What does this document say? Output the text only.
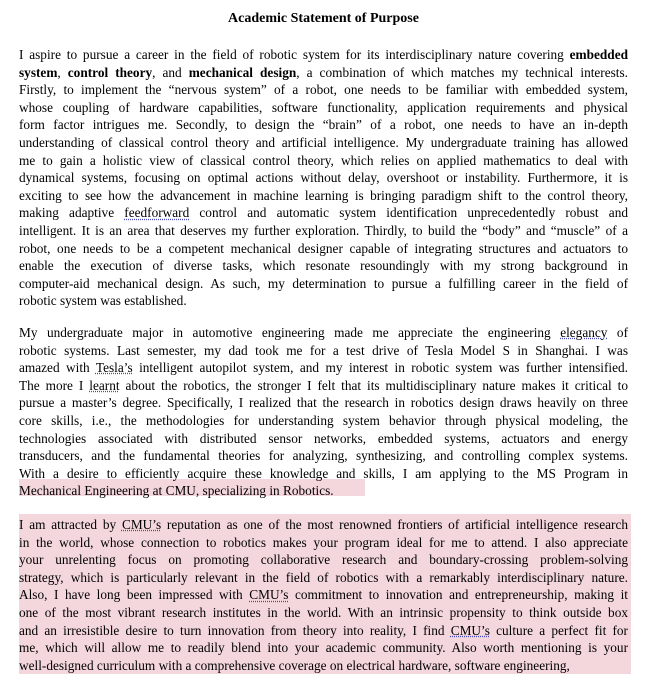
Academic Statement of Purpose
I aspire to pursue a career in the field of robotic system for its interdisciplinary nature covering embedded
system, control theory, and mechanical design, a combination of which matches my technical interests.
Firstly, to implement the “nervous system” of a robot, one needs to be familiar with embedded system,
whose coupling of hardware capabilities, software functionality, application requirements and physical
form factor intrigues me. Secondly, to design the “brain” of a robot, one needs to have an in-depth
understanding of classical control theory and artificial intelligence. My undergraduate training has allowed
me to gain a holistic view of classical control theory, which relies on applied mathematics to deal with
dynamical systems, focusing on optimal actions without delay, overshoot or instability. Furthermore, it is
exciting to see how the advancement in machine learning is bringing paradigm shift to the control theory,
making adaptive feedforward control and automatic system identification unprecedentedly robust and
intelligent. It is an area that deserves my further exploration. Thirdly, to build the “body” and “muscle” of a
robot, one needs to be a competent mechanical designer capable of integrating structures and actuators to
enable the execution of diverse tasks, which resonate resoundingly with my strong background in
computer-aid mechanical design. As such, my determination to pursue a fulfilling career in the field of
robotic system was established.
My undergraduate major in automotive engineering made me appreciate the engineering elegancy of
robotic systems. Last semester, my dad took me for a test drive of Tesla Model S in Shanghai. I was
amazed with Tesla’s intelligent autopilot system, and my interest in robotic system was further intensified.
The more I learnt about the robotics, the stronger I felt that its multidisciplinary nature makes it critical to
pursue a master’s degree. Specifically, I realized that the research in robotics design draws heavily on three
core skills, i.e., the methodologies for understanding system behavior through physical modeling, the
technologies associated with distributed sensor networks, embedded systems, actuators and energy
transducers, and the fundamental theories for analyzing, synthesizing, and controlling complex systems.
With a desire to efficiently acquire these knowledge and skills, I am applying to the MS Program in
Mechanical Engineering at CMU, specializing in Robotics.
I am attracted by CMU’s reputation as one of the most renowned frontiers of artificial intelligence research
in the world, whose connection to robotics makes your program ideal for me to attend. I also appreciate
your unrelenting focus on promoting collaborative research and boundary-crossing problem-solving
strategy, which is particularly relevant in the field of robotics with a remarkably interdisciplinary nature.
Also, I have long been impressed with CMU’s commitment to innovation and entrepreneurship, making it
one of the most vibrant research institutes in the world. With an intrinsic propensity to think outside box
and an irresistible desire to turn innovation from theory into reality, I find CMU’s culture a perfect fit for
me, which will allow me to readily blend into your academic community. Also worth mentioning is your
well-designed curriculum with a comprehensive coverage on electrical hardware, software engineering,
